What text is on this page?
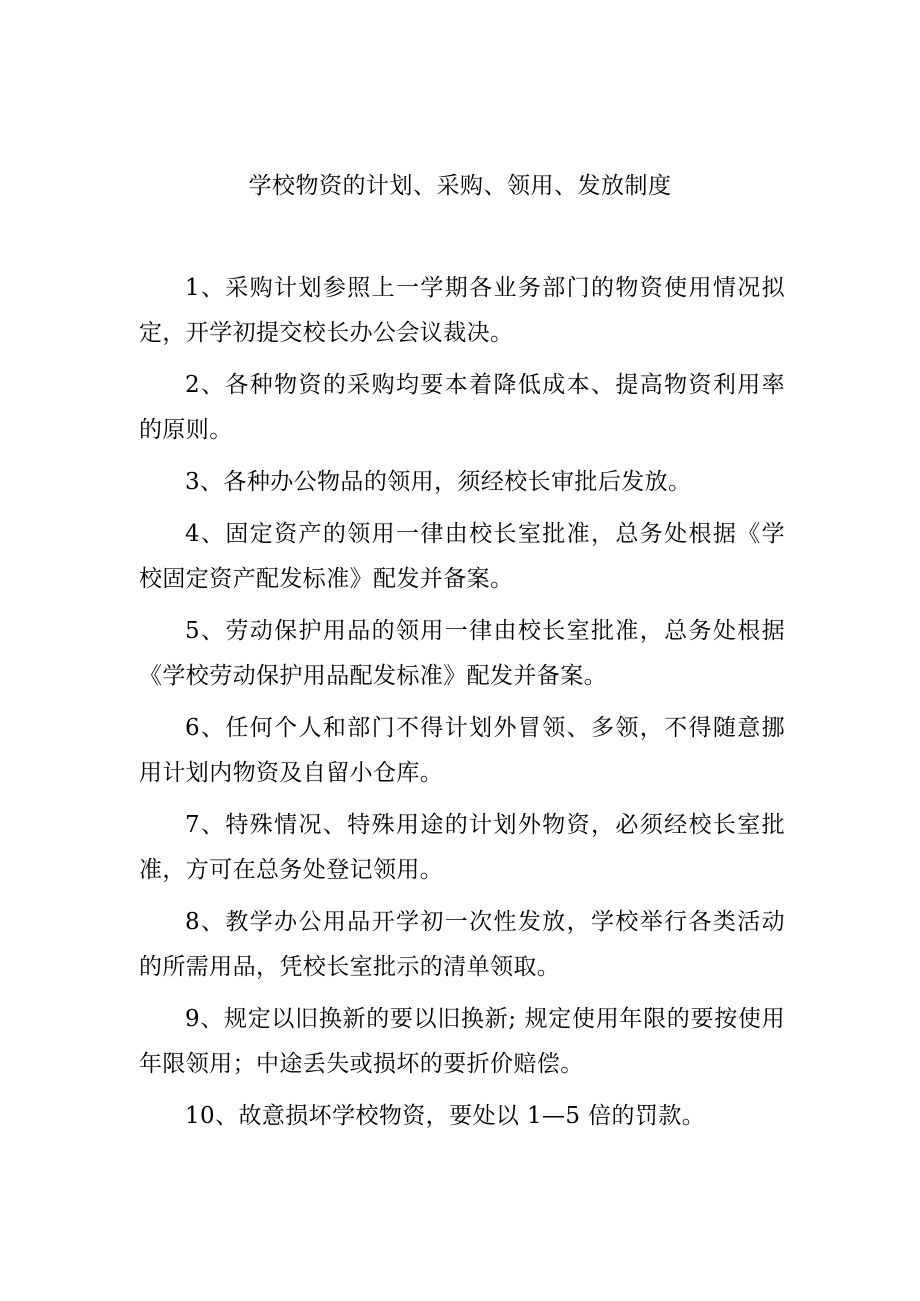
学校物资的计划、采购、领用、发放制度

1、采购计划参照上一学期各业务部门的物资使用情况拟定，开学初提交校长办公会议裁决。

2、各种物资的采购均要本着降低成本、提高物资利用率的原则。

3、各种办公物品的领用，须经校长审批后发放。

4、固定资产的领用一律由校长室批准，总务处根据《学校固定资产配发标准》配发并备案。

5、劳动保护用品的领用一律由校长室批准，总务处根据《学校劳动保护用品配发标准》配发并备案。

6、任何个人和部门不得计划外冒领、多领，不得随意挪用计划内物资及自留小仓库。

7、特殊情况、特殊用途的计划外物资，必须经校长室批准，方可在总务处登记领用。

8、教学办公用品开学初一次性发放，学校举行各类活动的所需用品，凭校长室批示的清单领取。

9、规定以旧换新的要以旧换新; 规定使用年限的要按使用年限领用；中途丢失或损坏的要折价赔偿。

10、故意损坏学校物资，要处以 1—5 倍的罚款。
